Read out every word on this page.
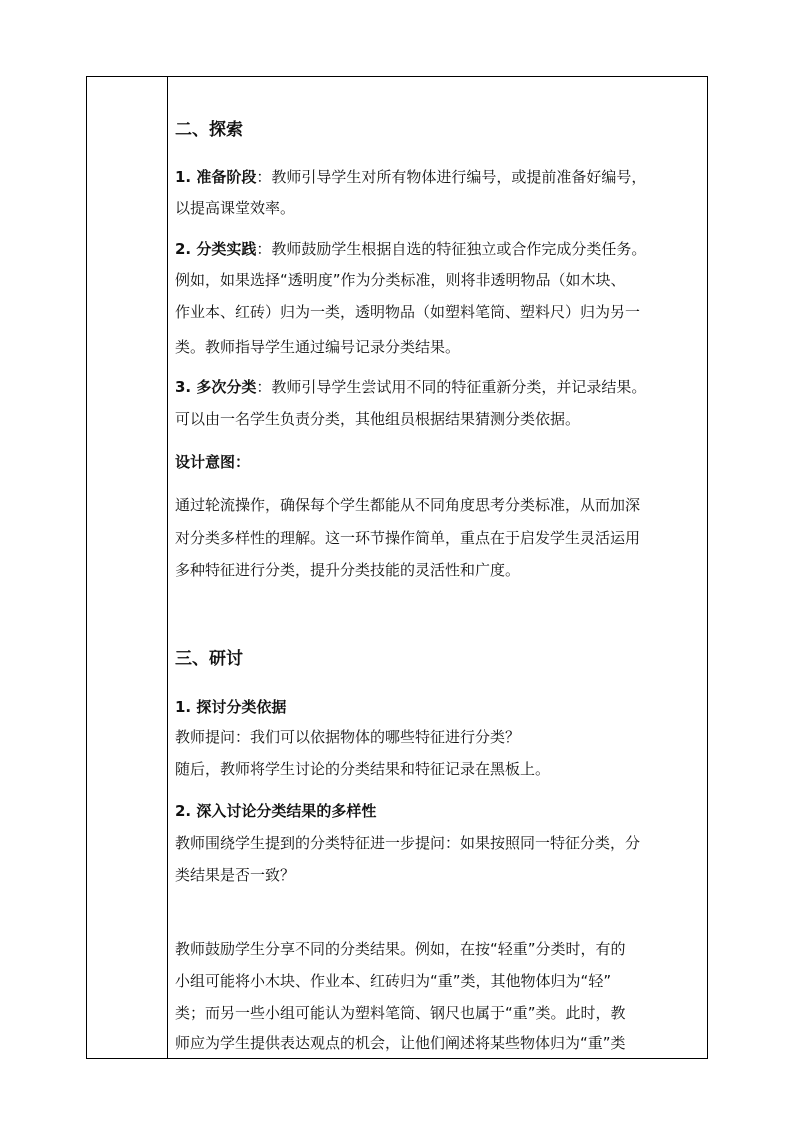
二、探索
1. 准备阶段：教师引导学生对所有物体进行编号，或提前准备好编号，
以提高课堂效率。
2. 分类实践：教师鼓励学生根据自选的特征独立或合作完成分类任务。
例如，如果选择“透明度”作为分类标准，则将非透明物品（如木块、
作业本、红砖）归为一类，透明物品（如塑料笔筒、塑料尺）归为另一
类。教师指导学生通过编号记录分类结果。
3. 多次分类：教师引导学生尝试用不同的特征重新分类，并记录结果。
可以由一名学生负责分类，其他组员根据结果猜测分类依据。
设计意图：
通过轮流操作，确保每个学生都能从不同角度思考分类标准，从而加深
对分类多样性的理解。这一环节操作简单，重点在于启发学生灵活运用
多种特征进行分类，提升分类技能的灵活性和广度。
三、研讨
1. 探讨分类依据
教师提问：我们可以依据物体的哪些特征进行分类？
随后，教师将学生讨论的分类结果和特征记录在黑板上。
2. 深入讨论分类结果的多样性
教师围绕学生提到的分类特征进一步提问：如果按照同一特征分类，分
类结果是否一致？
教师鼓励学生分享不同的分类结果。例如，在按“轻重”分类时，有的
小组可能将小木块、作业本、红砖归为“重”类，其他物体归为“轻”
类；而另一些小组可能认为塑料笔筒、钢尺也属于“重”类。此时，教
师应为学生提供表达观点的机会，让他们阐述将某些物体归为“重”类
